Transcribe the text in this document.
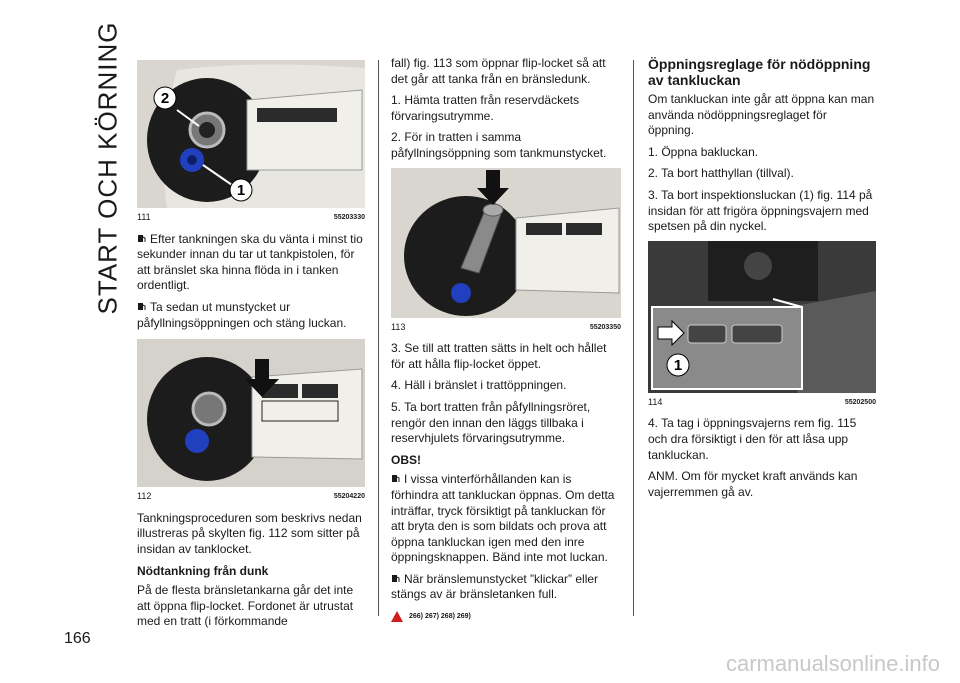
START OCH KÖRNING
166
2
1
111	55203330

Efter tankningen ska du vänta i minst tio sekunder innan du tar ut tankpistolen, för att bränslet ska hinna flöda in i tanken ordentligt.

Ta sedan ut munstycket ur påfyllningsöppningen och stäng luckan.

112	55204220

Tankningsproceduren som beskrivs nedan illustreras på skylten fig. 112 som sitter på insidan av tanklocket.

Nödtankning från dunk

På de flesta bränsletankarna går det inte att öppna flip-locket. Fordonet är utrustat med en tratt (i förkommande

fall) fig. 113 som öppnar flip-locket så att det går att tanka från en bränsledunk.

1. Hämta tratten från reservdäckets förvaringsutrymme.

2. För in tratten i samma påfyllningsöppning som tankmunstycket.

113	55203350

3. Se till att tratten sätts in helt och hållet för att hålla flip-locket öppet.

4. Häll i bränslet i trattöppningen.

5. Ta bort tratten från påfyllningsröret, rengör den innan den läggs tillbaka i reservhjulets förvaringsutrymme.

OBS!

I vissa vinterförhållanden kan is förhindra att tankluckan öppnas. Om detta inträffar, tryck försiktigt på tankluckan för att bryta den is som bildats och prova att öppna tankluckan igen med den inre öppningsknappen. Bänd inte mot luckan.

När bränslemunstycket ”klickar” eller stängs av är bränsletanken full.

266) 267) 268) 269)
Öppningsreglage för nödöppning av tankluckan

Om tankluckan inte går att öppna kan man använda nödöppningsreglaget för öppning.

1. Öppna bakluckan.

2. Ta bort hatthyllan (tillval).

3. Ta bort inspektionsluckan (1) fig. 114 på insidan för att frigöra öppningsvajern med spetsen på din nyckel.

1
114	55202500

4. Ta tag i öppningsvajerns rem fig. 115 och dra försiktigt i den för att låsa upp tankluckan.

ANM. Om för mycket kraft används kan vajerremmen gå av.

carmanualsonline.info
